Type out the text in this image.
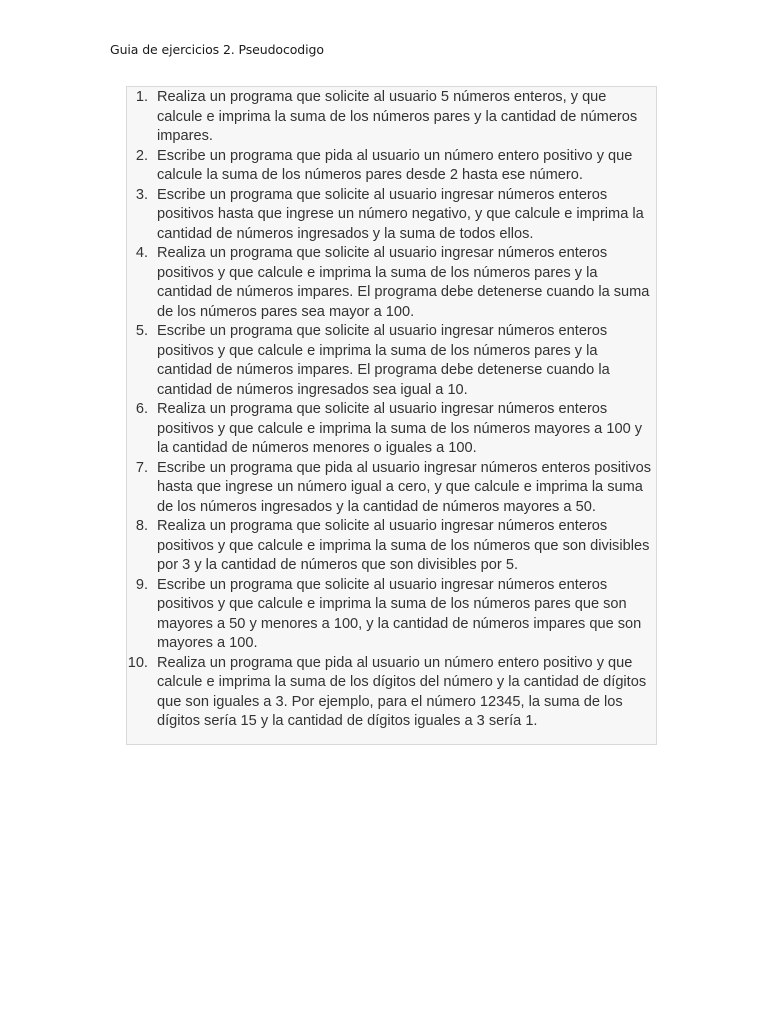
Guia de ejercicios 2. Pseudocodigo
1. Realiza un programa que solicite al usuario 5 números enteros, y que calcule e imprima la suma de los números pares y la cantidad de números impares.
2. Escribe un programa que pida al usuario un número entero positivo y que calcule la suma de los números pares desde 2 hasta ese número.
3. Escribe un programa que solicite al usuario ingresar números enteros positivos hasta que ingrese un número negativo, y que calcule e imprima la cantidad de números ingresados y la suma de todos ellos.
4. Realiza un programa que solicite al usuario ingresar números enteros positivos y que calcule e imprima la suma de los números pares y la cantidad de números impares. El programa debe detenerse cuando la suma de los números pares sea mayor a 100.
5. Escribe un programa que solicite al usuario ingresar números enteros positivos y que calcule e imprima la suma de los números pares y la cantidad de números impares. El programa debe detenerse cuando la cantidad de números ingresados sea igual a 10.
6. Realiza un programa que solicite al usuario ingresar números enteros positivos y que calcule e imprima la suma de los números mayores a 100 y la cantidad de números menores o iguales a 100.
7. Escribe un programa que pida al usuario ingresar números enteros positivos hasta que ingrese un número igual a cero, y que calcule e imprima la suma de los números ingresados y la cantidad de números mayores a 50.
8. Realiza un programa que solicite al usuario ingresar números enteros positivos y que calcule e imprima la suma de los números que son divisibles por 3 y la cantidad de números que son divisibles por 5.
9. Escribe un programa que solicite al usuario ingresar números enteros positivos y que calcule e imprima la suma de los números pares que son mayores a 50 y menores a 100, y la cantidad de números impares que son mayores a 100.
10. Realiza un programa que pida al usuario un número entero positivo y que calcule e imprima la suma de los dígitos del número y la cantidad de dígitos que son iguales a 3. Por ejemplo, para el número 12345, la suma de los dígitos sería 15 y la cantidad de dígitos iguales a 3 sería 1.
